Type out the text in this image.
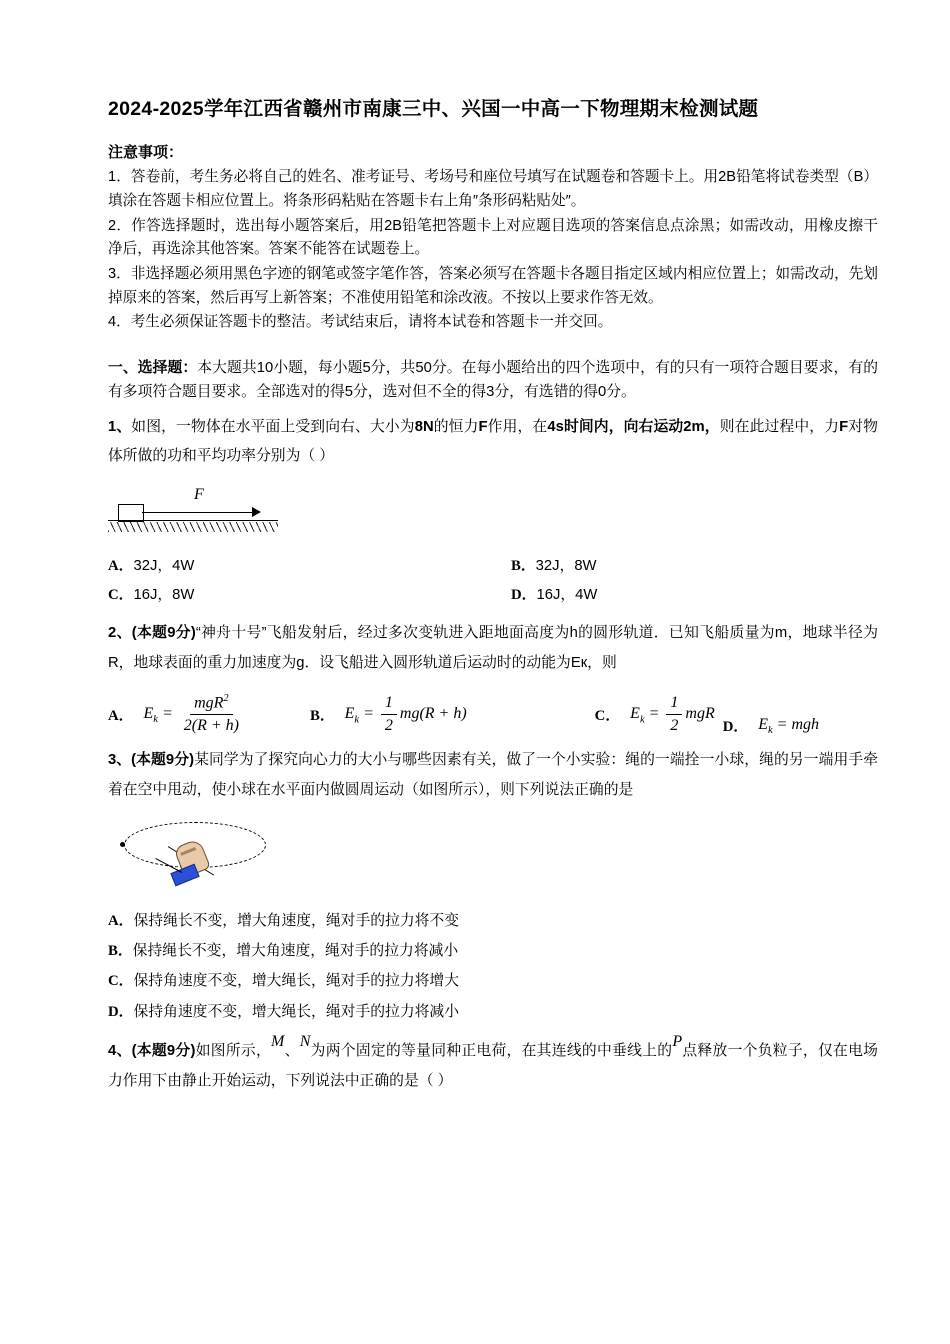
2024-2025学年江西省赣州市南康三中、兴国一中高一下物理期末检测试题
注意事项：
1．答卷前，考生务必将自己的姓名、准考证号、考场号和座位号填写在试题卷和答题卡上。用2B铅笔将试卷类型（B）填涂在答题卡相应位置上。将条形码粘贴在答题卡右上角″条形码粘贴处″。
2．作答选择题时，选出每小题答案后，用2B铅笔把答题卡上对应题目选项的答案信息点涂黑；如需改动，用橡皮擦干净后，再选涂其他答案。答案不能答在试题卷上。
3．非选择题必须用黑色字迹的钢笔或签字笔作答，答案必须写在答题卡各题目指定区域内相应位置上；如需改动，先划掉原来的答案，然后再写上新答案；不准使用铅笔和涂改液。不按以上要求作答无效。
4．考生必须保证答题卡的整洁。考试结束后，请将本试卷和答题卡一并交回。
一、选择题：本大题共10小题，每小题5分，共50分。在每小题给出的四个选项中，有的只有一项符合题目要求，有的有多项符合题目要求。全部选对的得5分，选对但不全的得3分，有选错的得0分。
1、如图，一物体在水平面上受到向右、大小为8N的恒力F作用，在4s时间内，向右运动2m，则在此过程中，力F对物体所做的功和平均功率分别为（ ）
F
A．32J，4W	B．32J，8W
C．16J，8W	D．16J，4W
2、(本题9分)“神舟十号”飞船发射后，经过多次变轨进入距地面高度为h的圆形轨道．已知飞船质量为m，地球半径为R，地球表面的重力加速度为g．设飞船进入圆形轨道后运动时的动能为Eк，则
A． $E_k = \frac{mgR^2}{2(R + h)}$	B． $E_k = \frac{1}{2} mg(R + h)$	C． $E_k = \frac{1}{2}$ mgR
D． $E_k$ = mgh
3、(本题9分)某同学为了探究向心力的大小与哪些因素有关，做了一个小实验：绳的一端拴一小球，绳的另一端用手牵着在空中甩动，使小球在水平面内做圆周运动（如图所示），则下列说法正确的是
A．保持绳长不变，增大角速度，绳对手的拉力将不变
B．保持绳长不变，增大角速度，绳对手的拉力将减小
C．保持角速度不变，增大绳长，绳对手的拉力将增大
D．保持角速度不变，增大绳长，绳对手的拉力将减小
4、(本题9分)如图所示，M、N为两个固定的等量同种正电荷，在其连线的中垂线上的P点释放一个负粒子，仅在电场力作用下由静止开始运动，下列说法中正确的是（ ）
